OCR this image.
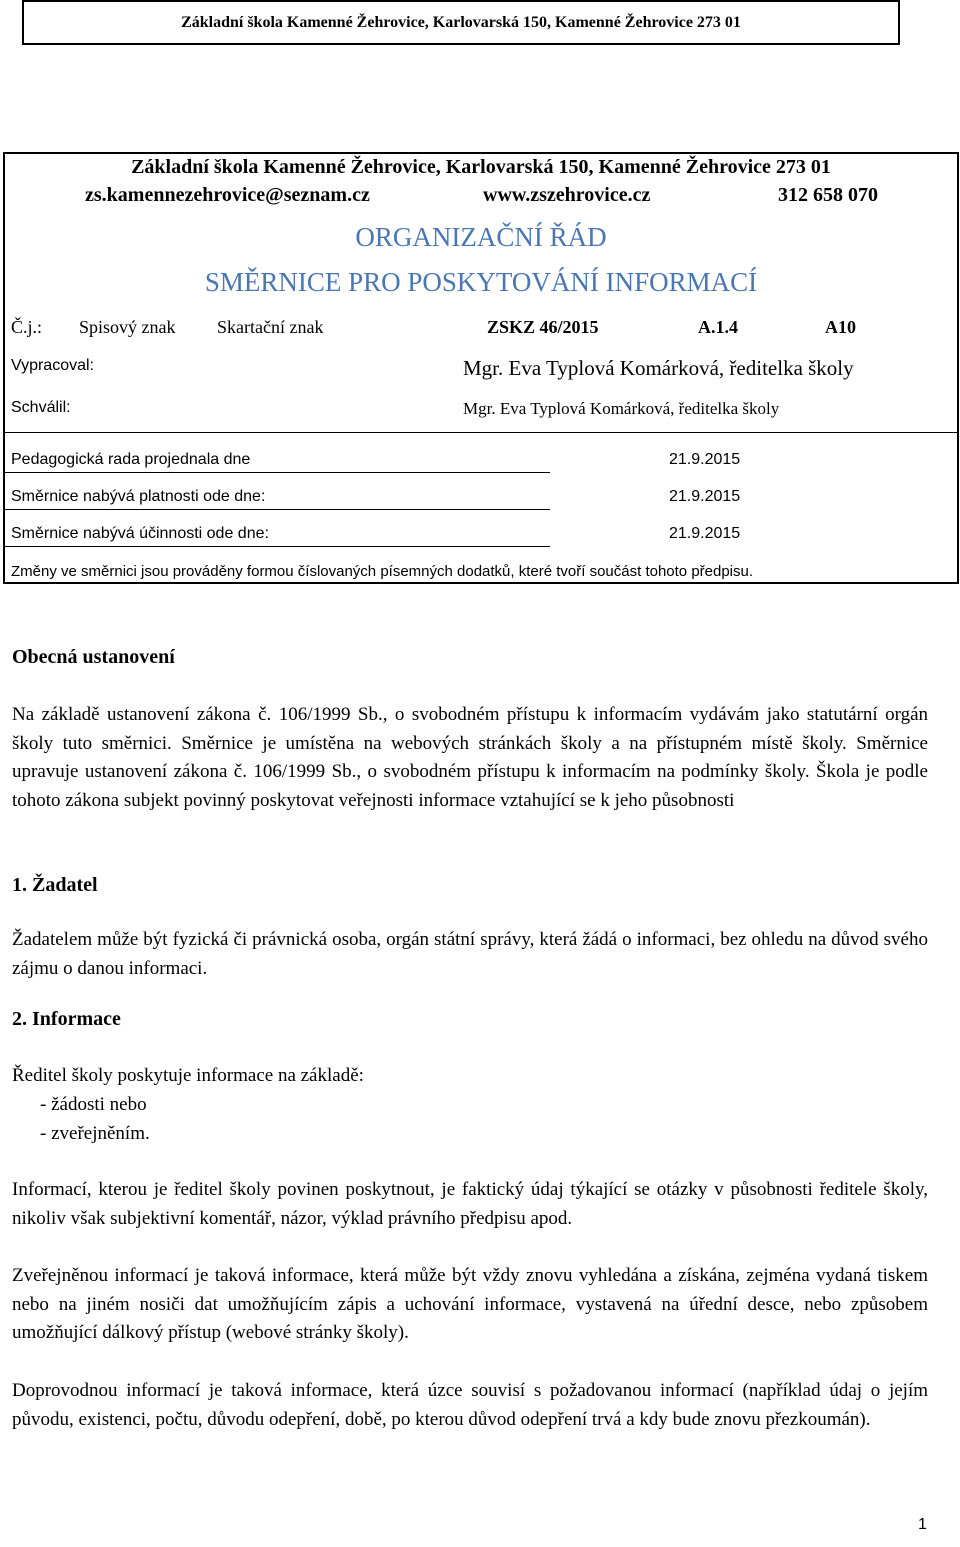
Základní škola Kamenné Žehrovice, Karlovarská 150, Kamenné Žehrovice 273 01
Základní škola Kamenné Žehrovice, Karlovarská 150, Kamenné Žehrovice 273 01
zs.kamennezehrovice@seznam.cz	www.zszehrovice.cz	312 658 070
ORGANIZAČNÍ ŘÁD
SMĚRNICE PRO POSKYTOVÁNÍ INFORMACÍ
Č.j.: Spisový znak Skartační znak	ZSKZ 46/2015	A.1.4	A10
Vypracoval:	Mgr. Eva Typlová Komárková, ředitelka školy
Schválil:	Mgr. Eva Typlová Komárková, ředitelka školy
Pedagogická rada projednala dne	21.9.2015
Směrnice nabývá platnosti ode dne:	21.9.2015
Směrnice nabývá účinnosti ode dne:	21.9.2015
Změny ve směrnici jsou prováděny formou číslovaných písemných dodatků, které tvoří součást tohoto předpisu.
Obecná ustanovení
Na základě ustanovení zákona č. 106/1999 Sb., o svobodném přístupu k informacím vydávám jako statutární orgán školy tuto směrnici. Směrnice je umístěna na webových stránkách školy a na přístupném místě školy. Směrnice upravuje ustanovení zákona č. 106/1999 Sb., o svobodném přístupu k informacím na podmínky školy. Škola je podle tohoto zákona subjekt povinný poskytovat veřejnosti informace vztahující se k jeho působnosti
1. Žadatel
Žadatelem může být fyzická či právnická osoba, orgán státní správy, která žádá o informaci, bez ohledu na důvod svého zájmu o danou informaci.
2. Informace
Ředitel školy poskytuje informace na základě:
- žádosti nebo
- zveřejněním.
Informací, kterou je ředitel školy povinen poskytnout, je faktický údaj týkající se otázky v působnosti ředitele školy, nikoliv však subjektivní komentář, názor, výklad právního předpisu apod.
Zveřejněnou informací je taková informace, která může být vždy znovu vyhledána a získána, zejména vydaná tiskem nebo na jiném nosiči dat umožňujícím zápis a uchování informace, vystavená na úřední desce, nebo způsobem umožňující dálkový přístup (webové stránky školy).
Doprovodnou informací je taková informace, která úzce souvisí s požadovanou informací (například údaj o jejím původu, existenci, počtu, důvodu odepření, době, po kterou důvod odepření trvá a kdy bude znovu přezkoumán).
1
